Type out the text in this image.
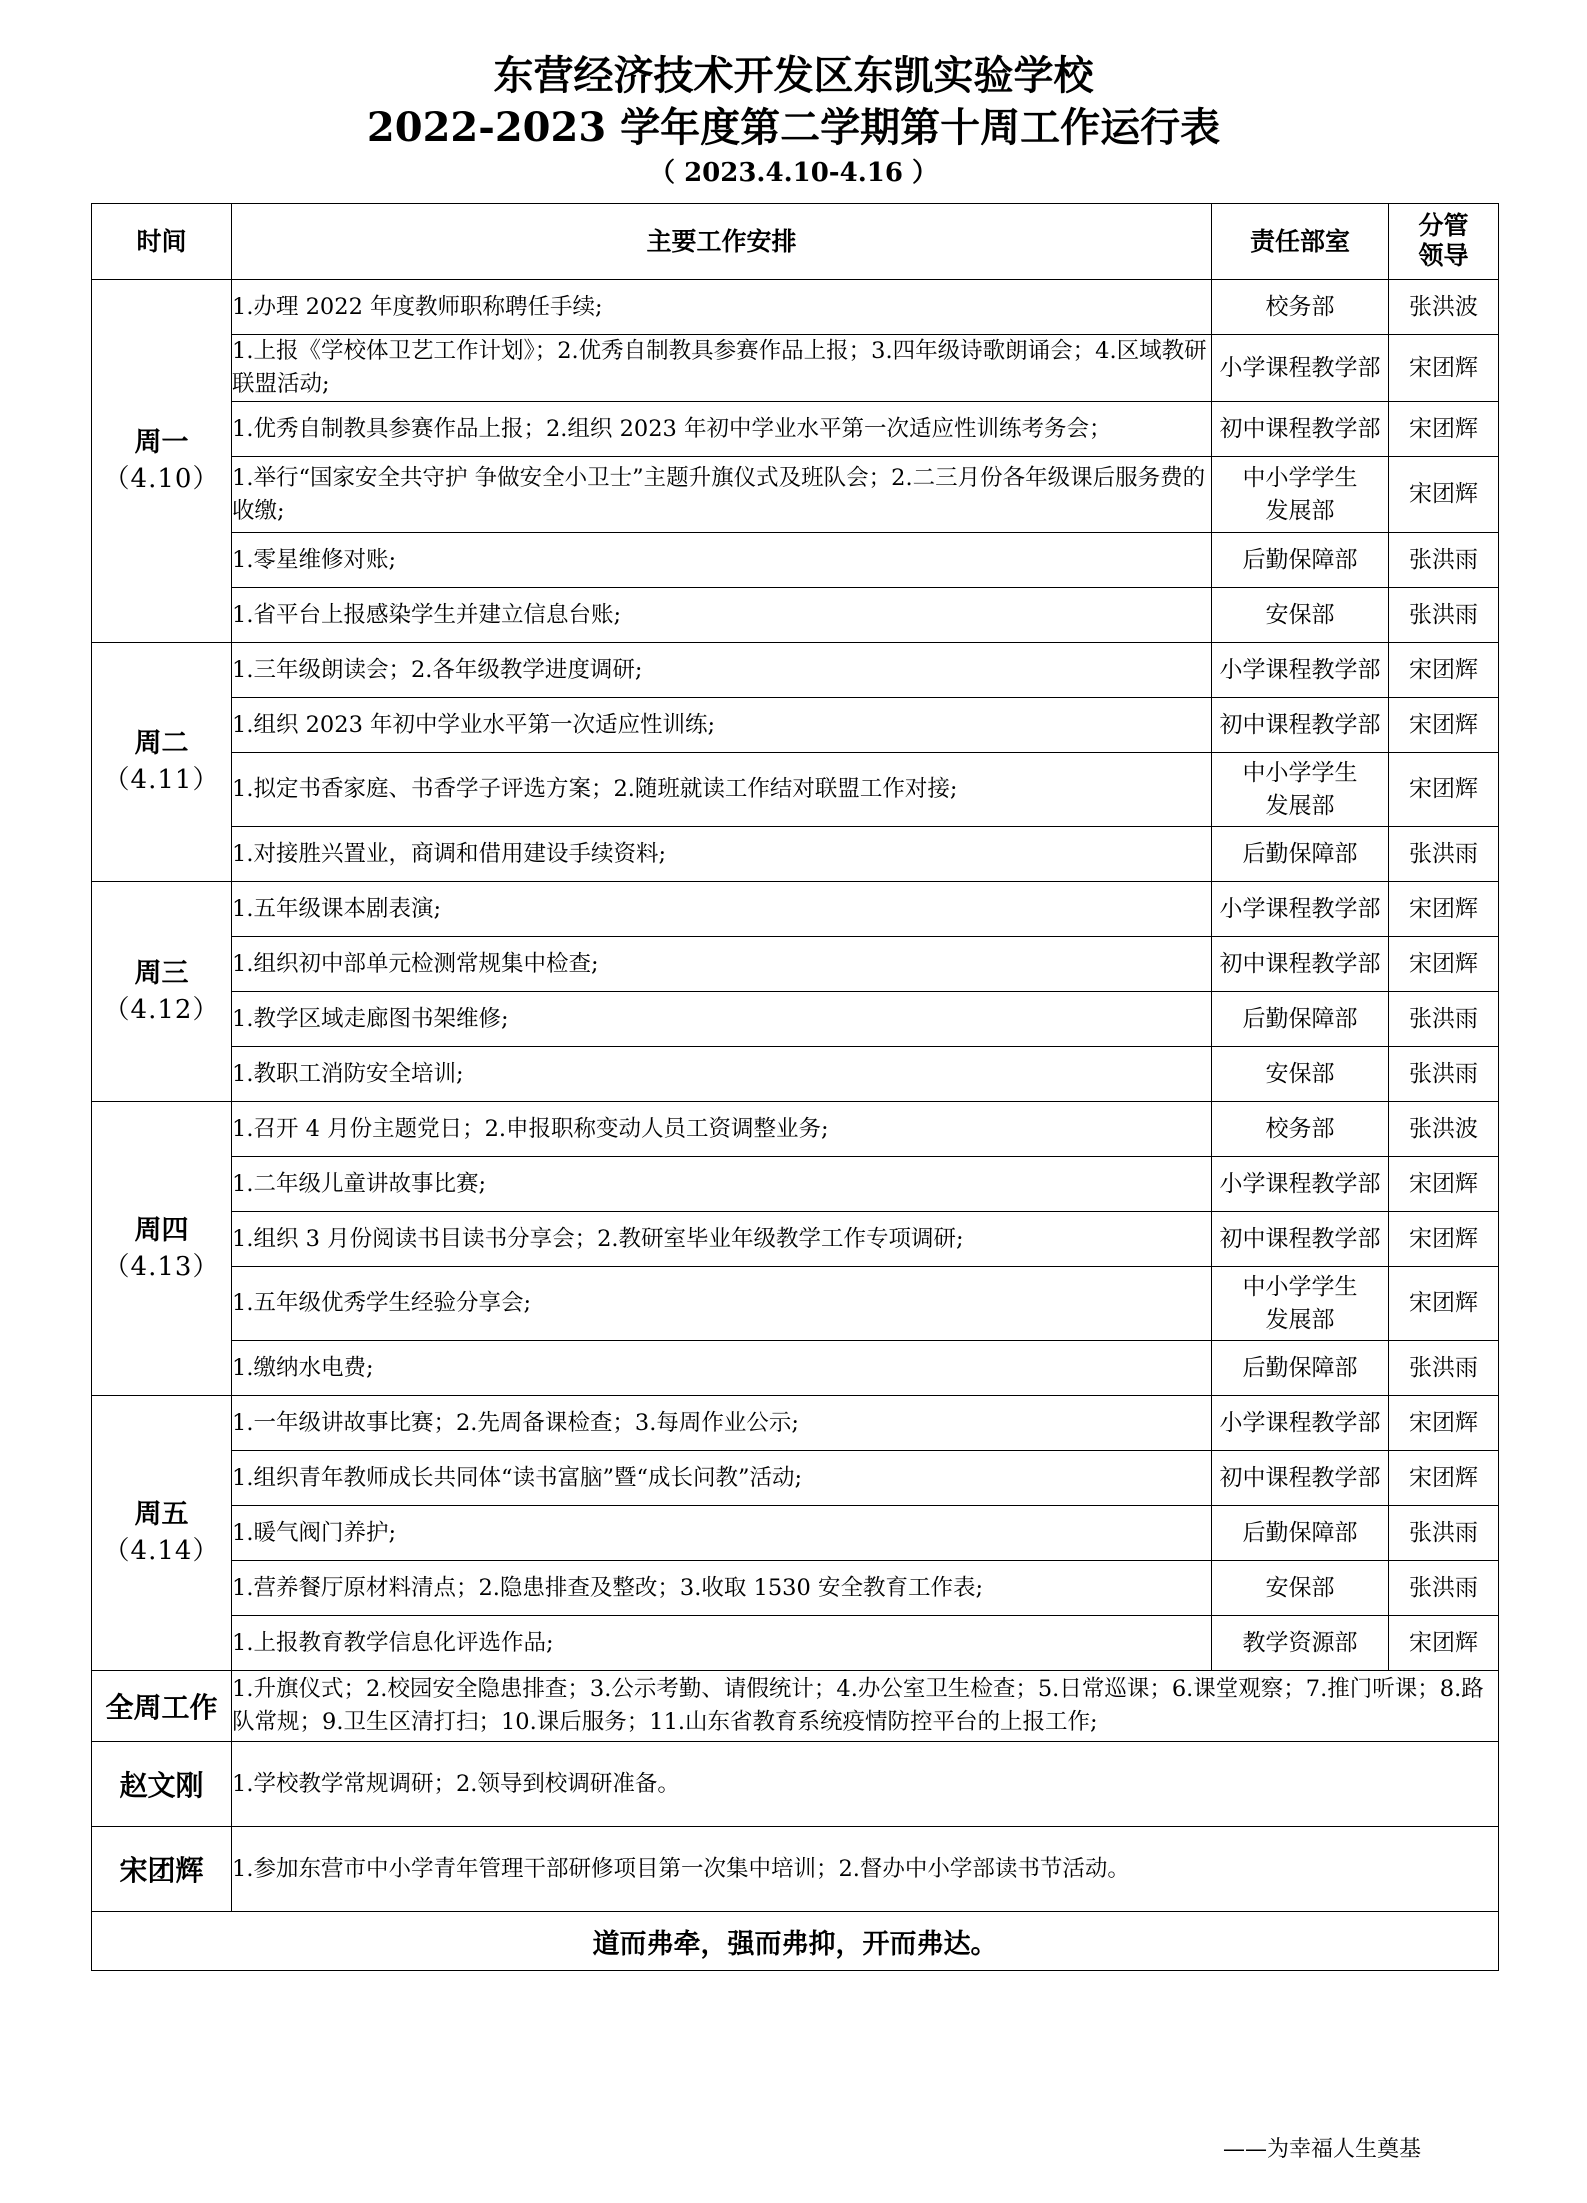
东营经济技术开发区东凯实验学校
2022-2023 学年度第二学期第十周工作运行表
（ 2023.4.10-4.16 ）
时间	主要工作安排	责任部室	分管领导

周一
（4.10）	1.办理 2022 年度教师职称聘任手续;	校务部	张洪波
	1.上报《学校体卫艺工作计划》；2.优秀自制教具参赛作品上报；3.四年级诗歌朗诵会；4.区域教研联盟活动;	小学课程教学部	宋团辉
	1.优秀自制教具参赛作品上报；2.组织 2023 年初中学业水平第一次适应性训练考务会；	初中课程教学部	宋团辉
	1.举行“国家安全共守护 争做安全小卫士”主题升旗仪式及班队会；2.二三月份各年级课后服务费的收缴;	中小学学生发展部	宋团辉
	1.零星维修对账;	后勤保障部	张洪雨
	1.省平台上报感染学生并建立信息台账;	安保部	张洪雨

周二
（4.11）	1.三年级朗读会；2.各年级教学进度调研;	小学课程教学部	宋团辉
	1.组织 2023 年初中学业水平第一次适应性训练;	初中课程教学部	宋团辉
	1.拟定书香家庭、书香学子评选方案；2.随班就读工作结对联盟工作对接;	中小学学生发展部	宋团辉
	1.对接胜兴置业，商调和借用建设手续资料;	后勤保障部	张洪雨

周三
（4.12）	1.五年级课本剧表演;	小学课程教学部	宋团辉
	1.组织初中部单元检测常规集中检查;	初中课程教学部	宋团辉
	1.教学区域走廊图书架维修;	后勤保障部	张洪雨
	1.教职工消防安全培训;	安保部	张洪雨

周四
（4.13）	1.召开 4 月份主题党日；2.申报职称变动人员工资调整业务;	校务部	张洪波
	1.二年级儿童讲故事比赛;	小学课程教学部	宋团辉
	1.组织 3 月份阅读书目读书分享会；2.教研室毕业年级教学工作专项调研;	初中课程教学部	宋团辉
	1.五年级优秀学生经验分享会;	中小学学生发展部	宋团辉
	1.缴纳水电费;	后勤保障部	张洪雨

周五
（4.14）	1.一年级讲故事比赛；2.先周备课检查；3.每周作业公示;	小学课程教学部	宋团辉
	1.组织青年教师成长共同体“读书富脑”暨“成长问教”活动;	初中课程教学部	宋团辉
	1.暖气阀门养护;	后勤保障部	张洪雨
	1.营养餐厅原材料清点；2.隐患排查及整改；3.收取 1530 安全教育工作表;	安保部	张洪雨
	1.上报教育教学信息化评选作品;	教学资源部	宋团辉
全周工作	1.升旗仪式；2.校园安全隐患排查；3.公示考勤、请假统计；4.办公室卫生检查；5.日常巡课；6.课堂观察；7.推门听课；8.路队常规；9.卫生区清打扫；10.课后服务；11.山东省教育系统疫情防控平台的上报工作;		
赵文刚	1.学校教学常规调研；2.领导到校调研准备。		
宋团辉	1.参加东营市中小学青年管理干部研修项目第一次集中培训；2.督办中小学部读书节活动。		
道而弗牵，强而弗抑，开而弗达。			
——为幸福人生奠基
